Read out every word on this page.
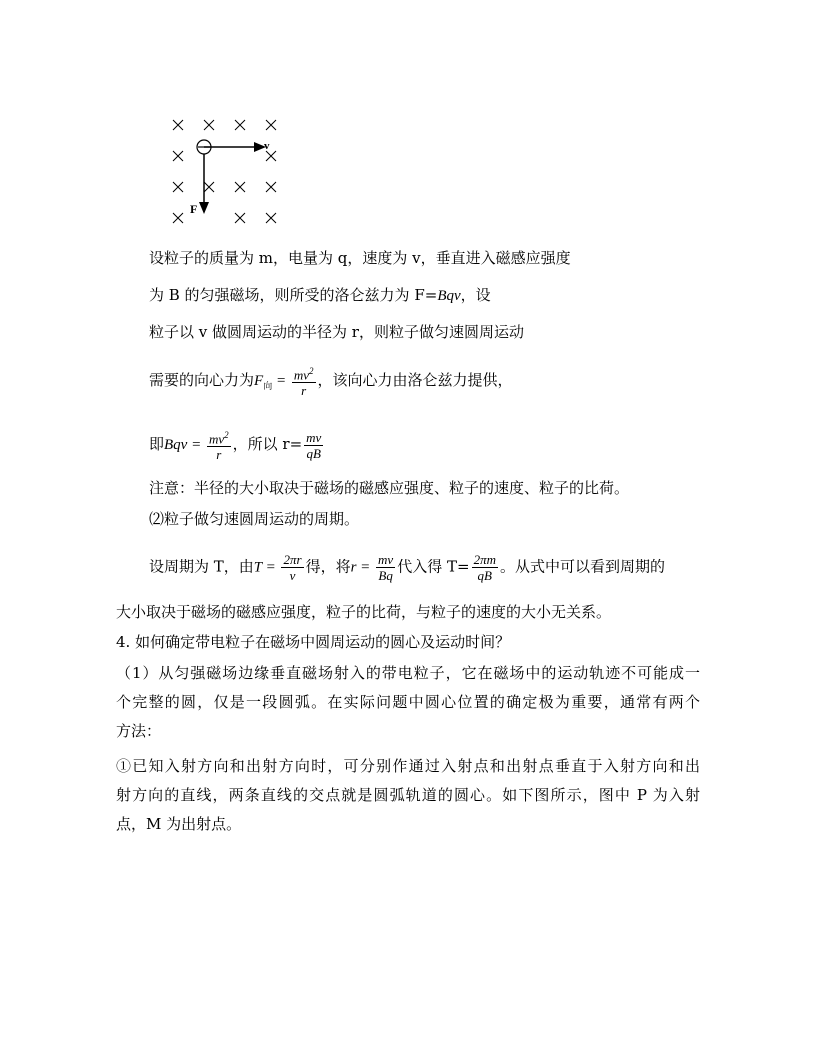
v
F
设粒子的质量为 m，电量为 q，速度为 v，垂直进入磁感应强度
为 B 的匀强磁场，则所受的洛仑兹力为 F=Bqv，设
粒子以 v 做圆周运动的半径为 r，则粒子做匀速圆周运动
需要的向心力为$F_向 = \frac{mv^2}{r}$ ，该向心力由洛仑兹力提供，
即Bqv = $\frac{mv^2}{r}$ ，所以 $r= \frac{mv}{qB}$
注意：半径的大小取决于磁场的磁感应强度、粒子的速度、粒子的比荷。
⑵粒子做匀速圆周运动的周期。
设周期为 T，由$T = \frac{2\pi r}{v}$ 得，将$r = \frac{mv}{Bq}$ 代入得 $T= \frac{2\pi m}{qB}$ 。从式中可以看到周期的
大小取决于磁场的磁感应强度，粒子的比荷，与粒子的速度的大小无关系。
4. 如何确定带电粒子在磁场中圆周运动的圆心及运动时间？
（1）从匀强磁场边缘垂直磁场射入的带电粒子，它在磁场中的运动轨迹不可能成一
个完整的圆，仅是一段圆弧。在实际问题中圆心位置的确定极为重要，通常有两个
方法：
①已知入射方向和出射方向时，可分别作通过入射点和出射点垂直于入射方向和出
射方向的直线，两条直线的交点就是圆弧轨道的圆心。如下图所示，图中 P 为入射
点，M 为出射点。
